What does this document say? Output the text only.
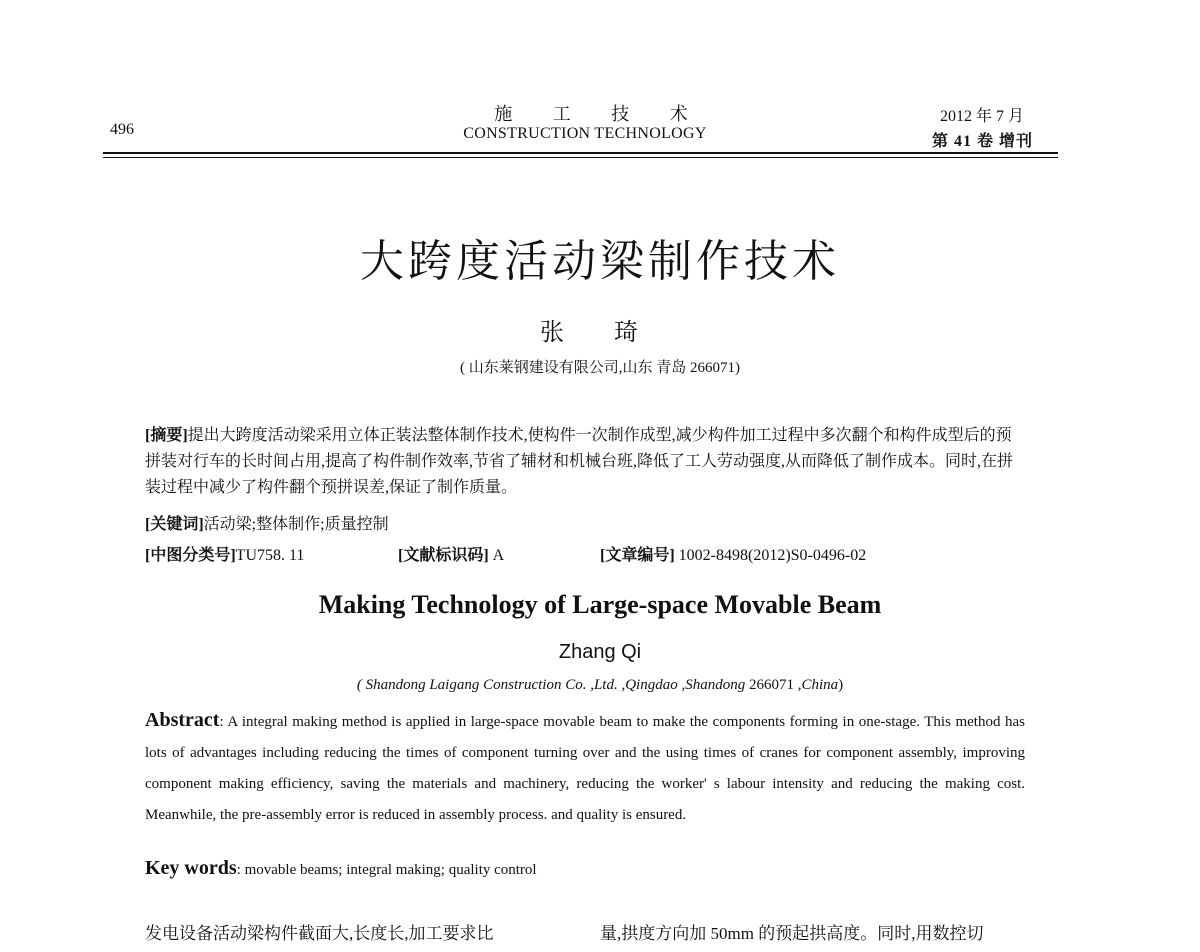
496
施 工 技 术
CONSTRUCTION TECHNOLOGY
2012 年 7 月
第 41 卷 增刊
大跨度活动梁制作技术
张 琦
( 山东莱钢建设有限公司,山东 青岛 266071)
[摘要]提出大跨度活动梁采用立体正装法整体制作技术,使构件一次制作成型,减少构件加工过程中多次翻个和构件成型后的预拼装对行车的长时间占用,提高了构件制作效率,节省了辅材和机械台班,降低了工人劳动强度,从而降低了制作成本。同时,在拼装过程中减少了构件翻个预拼误差,保证了制作质量。
[关键词]活动梁;整体制作;质量控制
[中图分类号]TU758. 11	[文献标识码] A	[文章编号] 1002-8498(2012)S0-0496-02
Making Technology of Large-space Movable Beam
Zhang Qi
( Shandong Laigang Construction Co. ,Ltd. ,Qingdao ,Shandong 266071 ,China)
Abstract: A integral making method is applied in large-space movable beam to make the components forming in one-stage. This method has lots of advantages including reducing the times of component turning over and the using times of cranes for component assembly, improving component making efficiency, saving the materials and machinery, reducing the worker' s labour intensity and reducing the making cost. Meanwhile, the pre-assembly error is reduced in assembly process. and quality is ensured.
Key words: movable beams; integral making; quality control
发电设备活动梁构件截面大,长度长,加工要求比	量,拱度方向加 50mm 的预起拱高度。同时,用数控切
